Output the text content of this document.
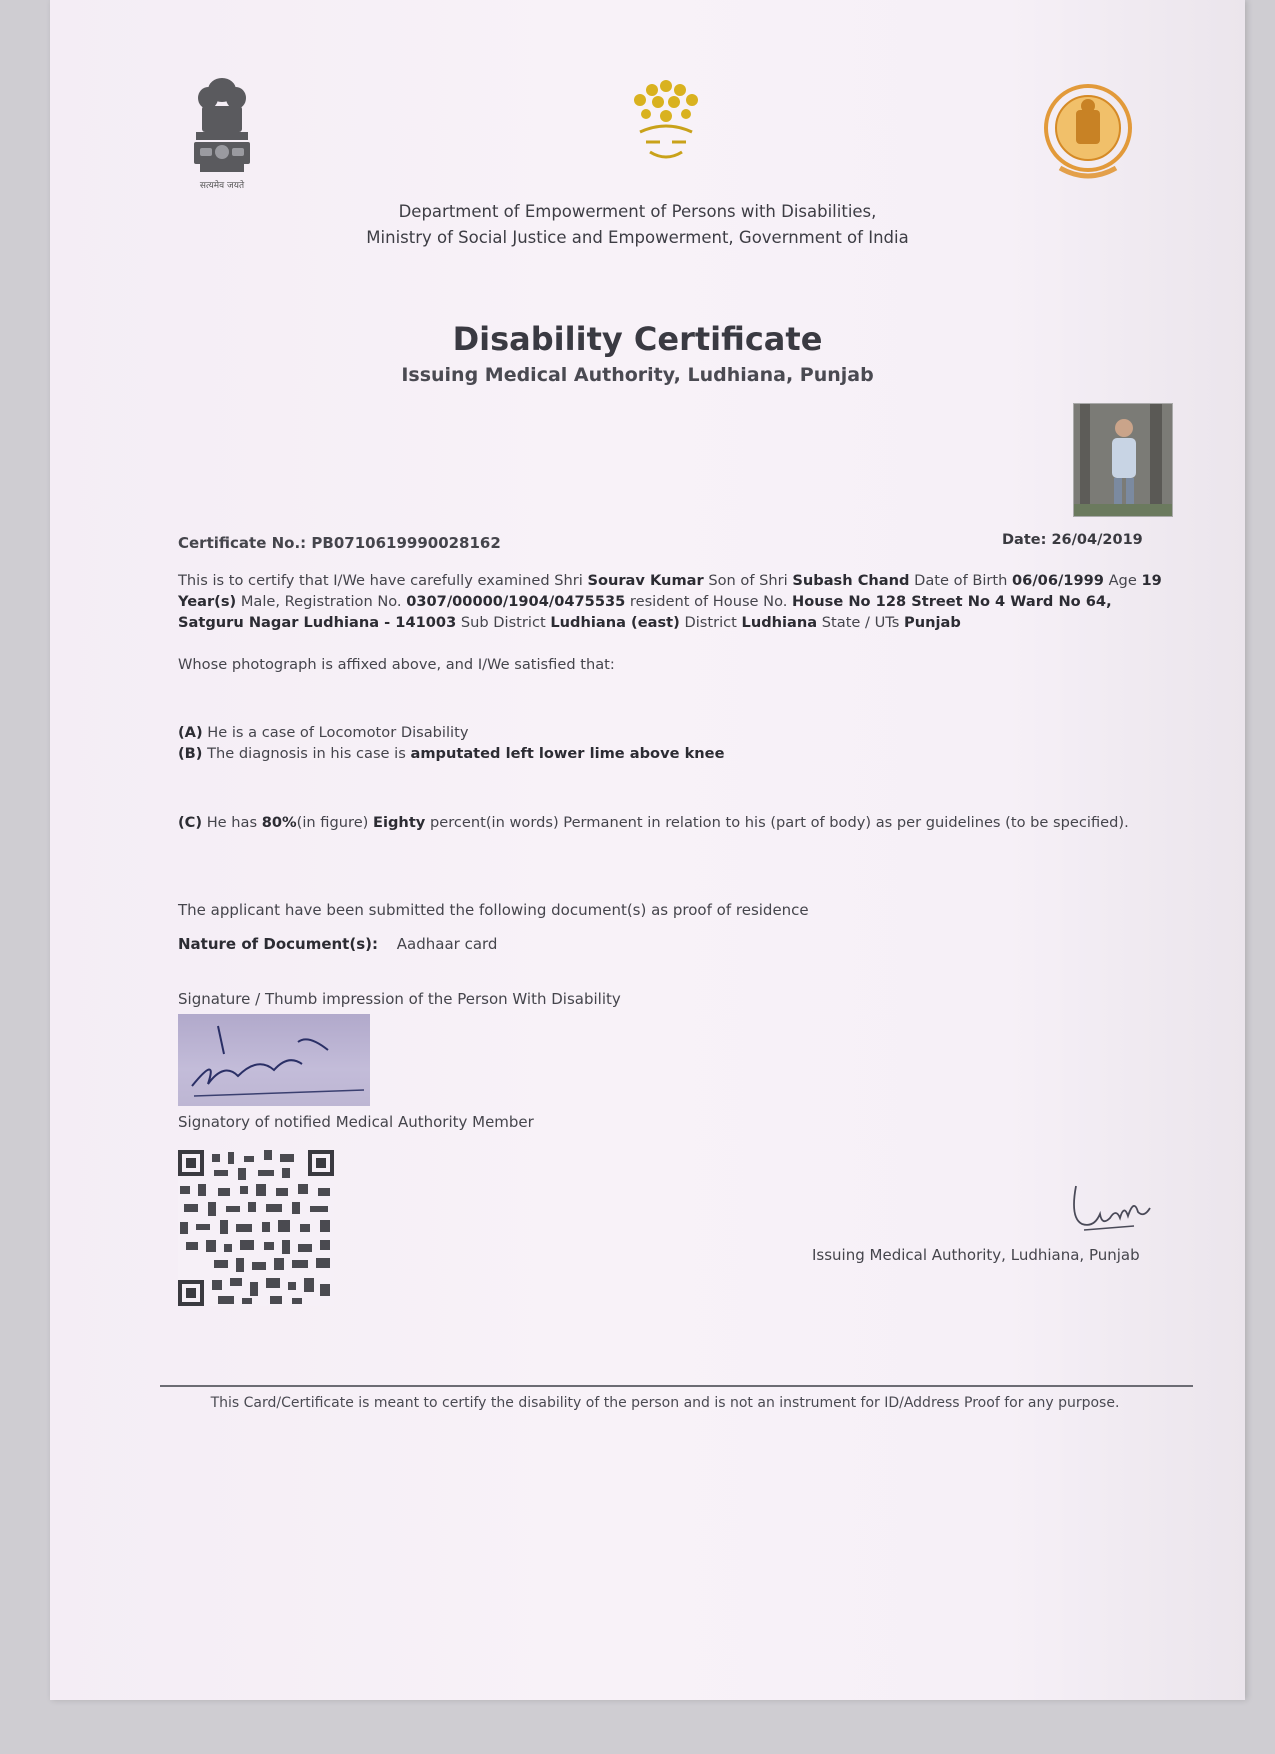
सत्यमेव जयते
Department of Empowerment of Persons with Disabilities,
Ministry of Social Justice and Empowerment, Government of India
Disability Certificate
Issuing Medical Authority, Ludhiana, Punjab
Certificate No.: PB0710619990028162	Date: 26/04/2019
This is to certify that I/We have carefully examined Shri Sourav Kumar Son of Shri Subash Chand Date of Birth 06/06/1999 Age 19 Year(s) Male, Registration No. 0307/00000/1904/0475535 resident of House No. House No 128 Street No 4 Ward No 64, Satguru Nagar Ludhiana - 141003 Sub District Ludhiana (east) District Ludhiana State / UTs Punjab
Whose photograph is affixed above, and I/We satisfied that:
(A) He is a case of Locomotor Disability
(B) The diagnosis in his case is amputated left lower lime above knee
(C) He has 80%(in figure) Eighty percent(in words) Permanent in relation to his (part of body) as per guidelines (to be specified).
The applicant have been submitted the following document(s) as proof of residence
Nature of Document(s): Aadhaar card
Signature / Thumb impression of the Person With Disability
Signatory of notified Medical Authority Member
Issuing Medical Authority, Ludhiana, Punjab
This Card/Certificate is meant to certify the disability of the person and is not an instrument for ID/Address Proof for any purpose.
